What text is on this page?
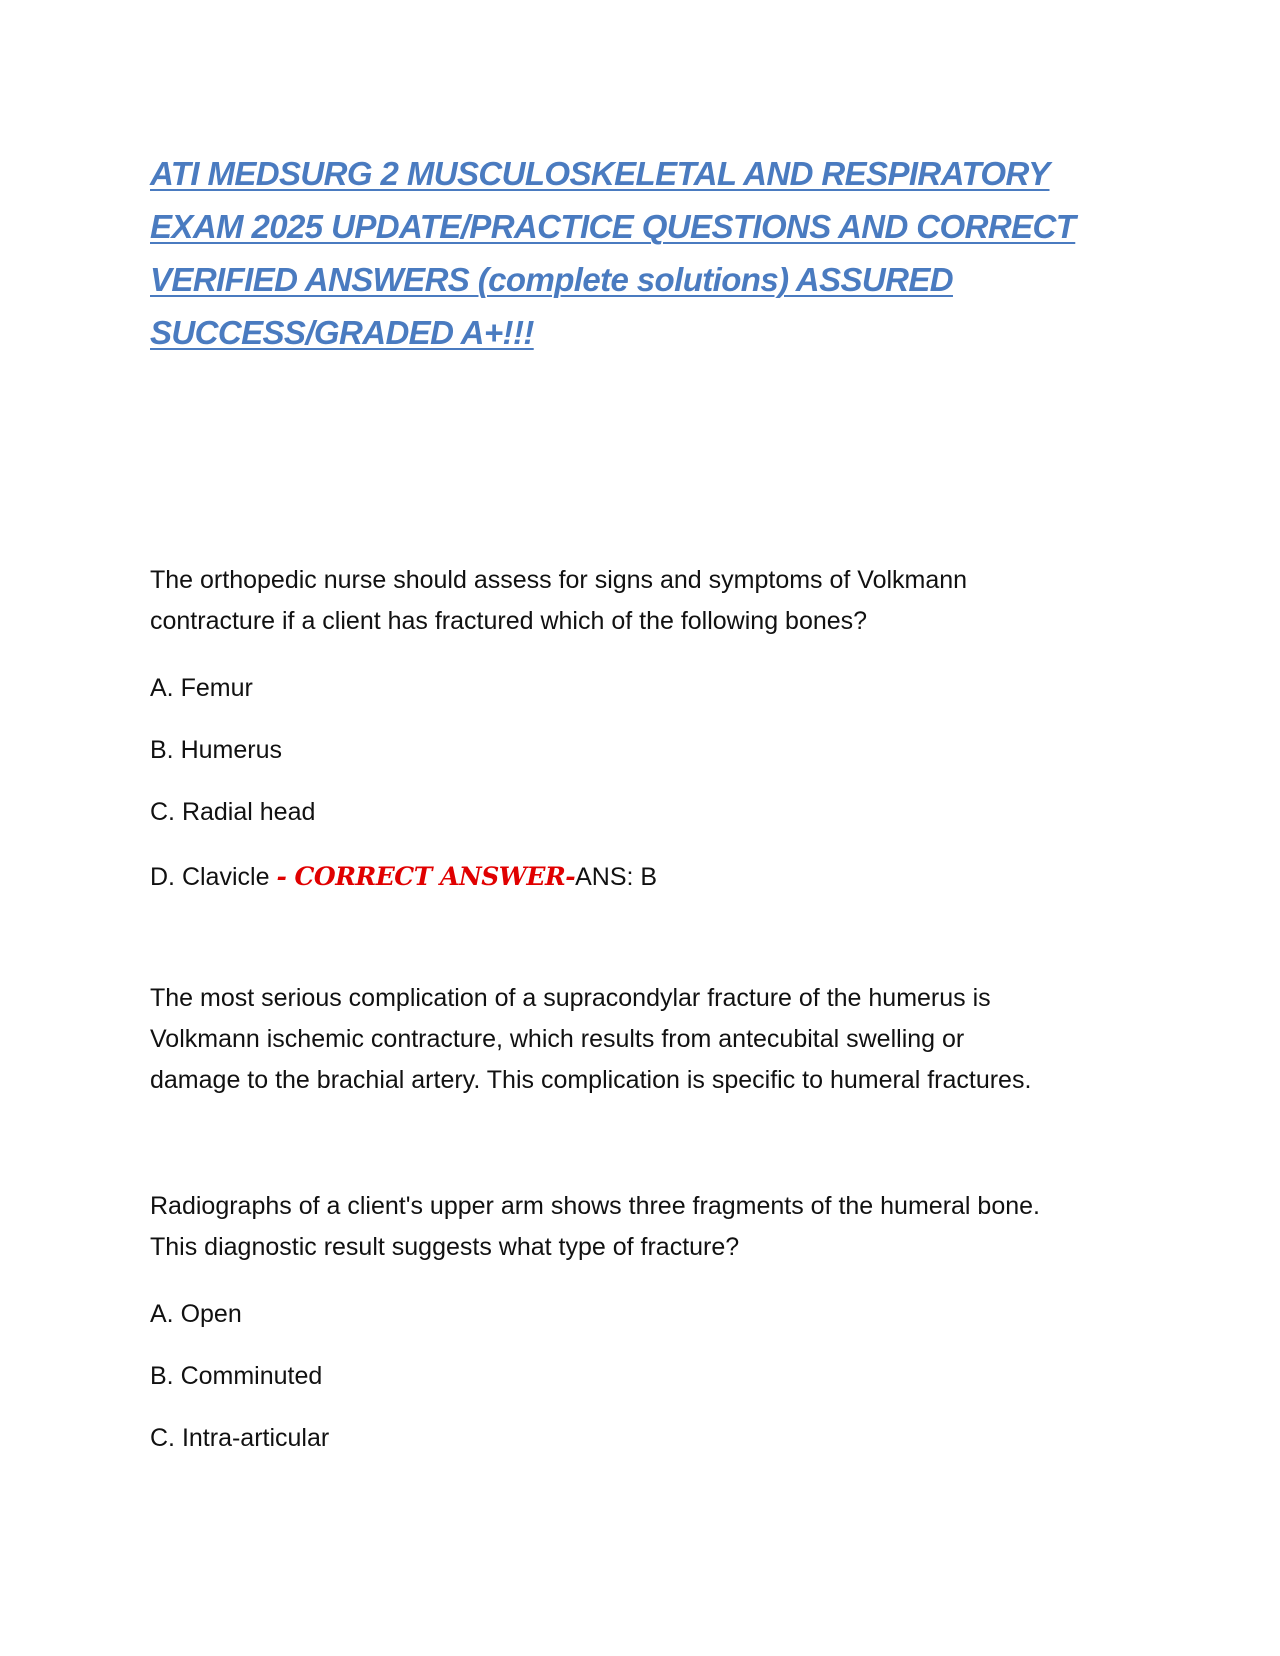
ATI MEDSURG 2 MUSCULOSKELETAL AND RESPIRATORY EXAM 2025 UPDATE/PRACTICE QUESTIONS AND CORRECT VERIFIED ANSWERS (complete solutions) ASSURED SUCCESS/GRADED A+!!!
The orthopedic nurse should assess for signs and symptoms of Volkmann
contracture if a client has fractured which of the following bones?

A. Femur

B. Humerus

C. Radial head

D. Clavicle - CORRECT ANSWER-ANS: B

The most serious complication of a supracondylar fracture of the humerus is
Volkmann ischemic contracture, which results from antecubital swelling or
damage to the brachial artery. This complication is specific to humeral fractures.
Radiographs of a client's upper arm shows three fragments of the humeral bone.
This diagnostic result suggests what type of fracture?

A. Open

B. Comminuted

C. Intra-articular
